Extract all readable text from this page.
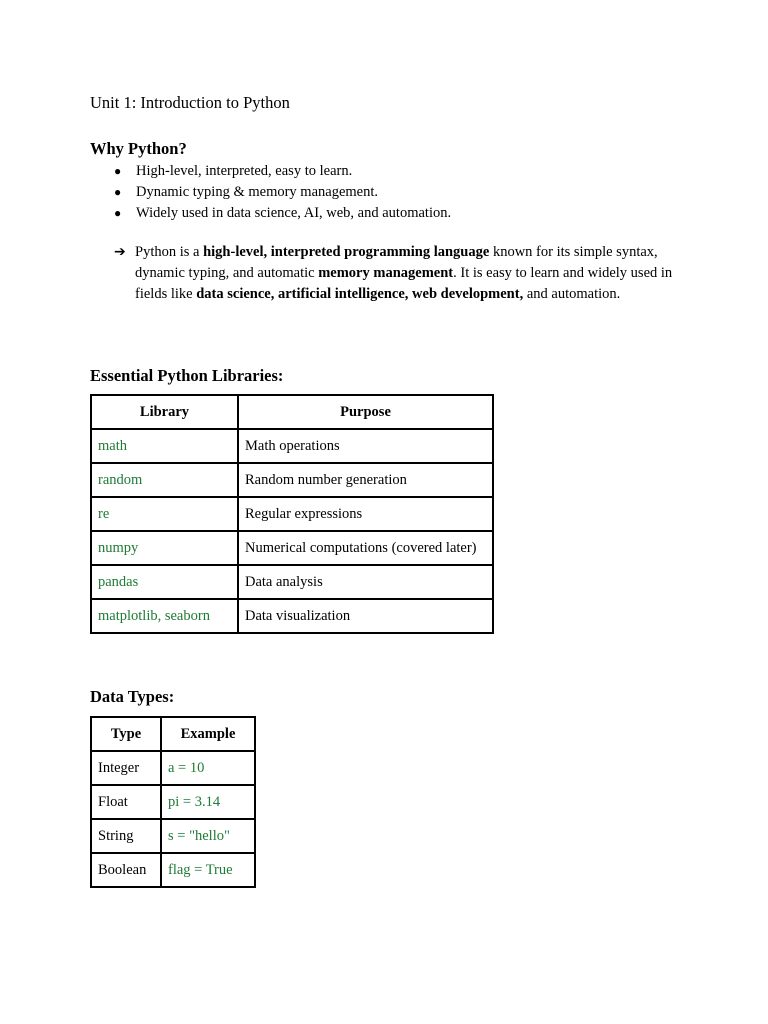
Unit 1: Introduction to Python
Why Python?
● High-level, interpreted, easy to learn.
● Dynamic typing & memory management.
● Widely used in data science, AI, web, and automation.
➔ Python is a high-level, interpreted programming language known for its simple syntax, dynamic typing, and automatic memory management. It is easy to learn and widely used in fields like data science, artificial intelligence, web development, and automation.
Essential Python Libraries:
Library	Purpose
math	Math operations
random	Random number generation
re	Regular expressions
numpy	Numerical computations (covered later)
pandas	Data analysis
matplotlib, seaborn	Data visualization
Data Types:
Type	Example
Integer	a = 10
Float	pi = 3.14
String	s = "hello"
Boolean	flag = True
